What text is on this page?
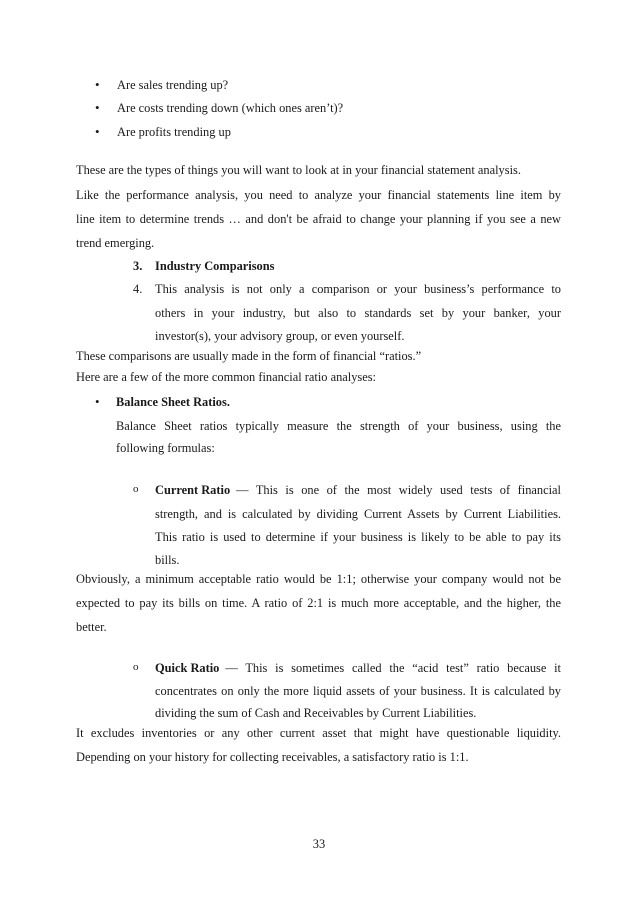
• Are sales trending up?
• Are costs trending down (which ones aren’t)?
• Are profits trending up
These are the types of things you will want to look at in your financial statement analysis.
Like the performance analysis, you need to analyze your financial statements line item by
line item to determine trends … and don't be afraid to change your planning if you see a new
trend emerging.
3. Industry Comparisons
4. This analysis is not only a comparison or your business’s performance to
others in your industry, but also to standards set by your banker, your
investor(s), your advisory group, or even yourself.
These comparisons are usually made in the form of financial “ratios.”
Here are a few of the more common financial ratio analyses:
• Balance Sheet Ratios.
Balance Sheet ratios typically measure the strength of your business, using the
following formulas:
o Current Ratio — This is one of the most widely used tests of financial
strength, and is calculated by dividing Current Assets by Current Liabilities.
This ratio is used to determine if your business is likely to be able to pay its
bills.
Obviously, a minimum acceptable ratio would be 1:1; otherwise your company would not be
expected to pay its bills on time. A ratio of 2:1 is much more acceptable, and the higher, the
better.
o Quick Ratio — This is sometimes called the “acid test” ratio because it
concentrates on only the more liquid assets of your business. It is calculated by
dividing the sum of Cash and Receivables by Current Liabilities.
It excludes inventories or any other current asset that might have questionable liquidity.
Depending on your history for collecting receivables, a satisfactory ratio is 1:1.
33
